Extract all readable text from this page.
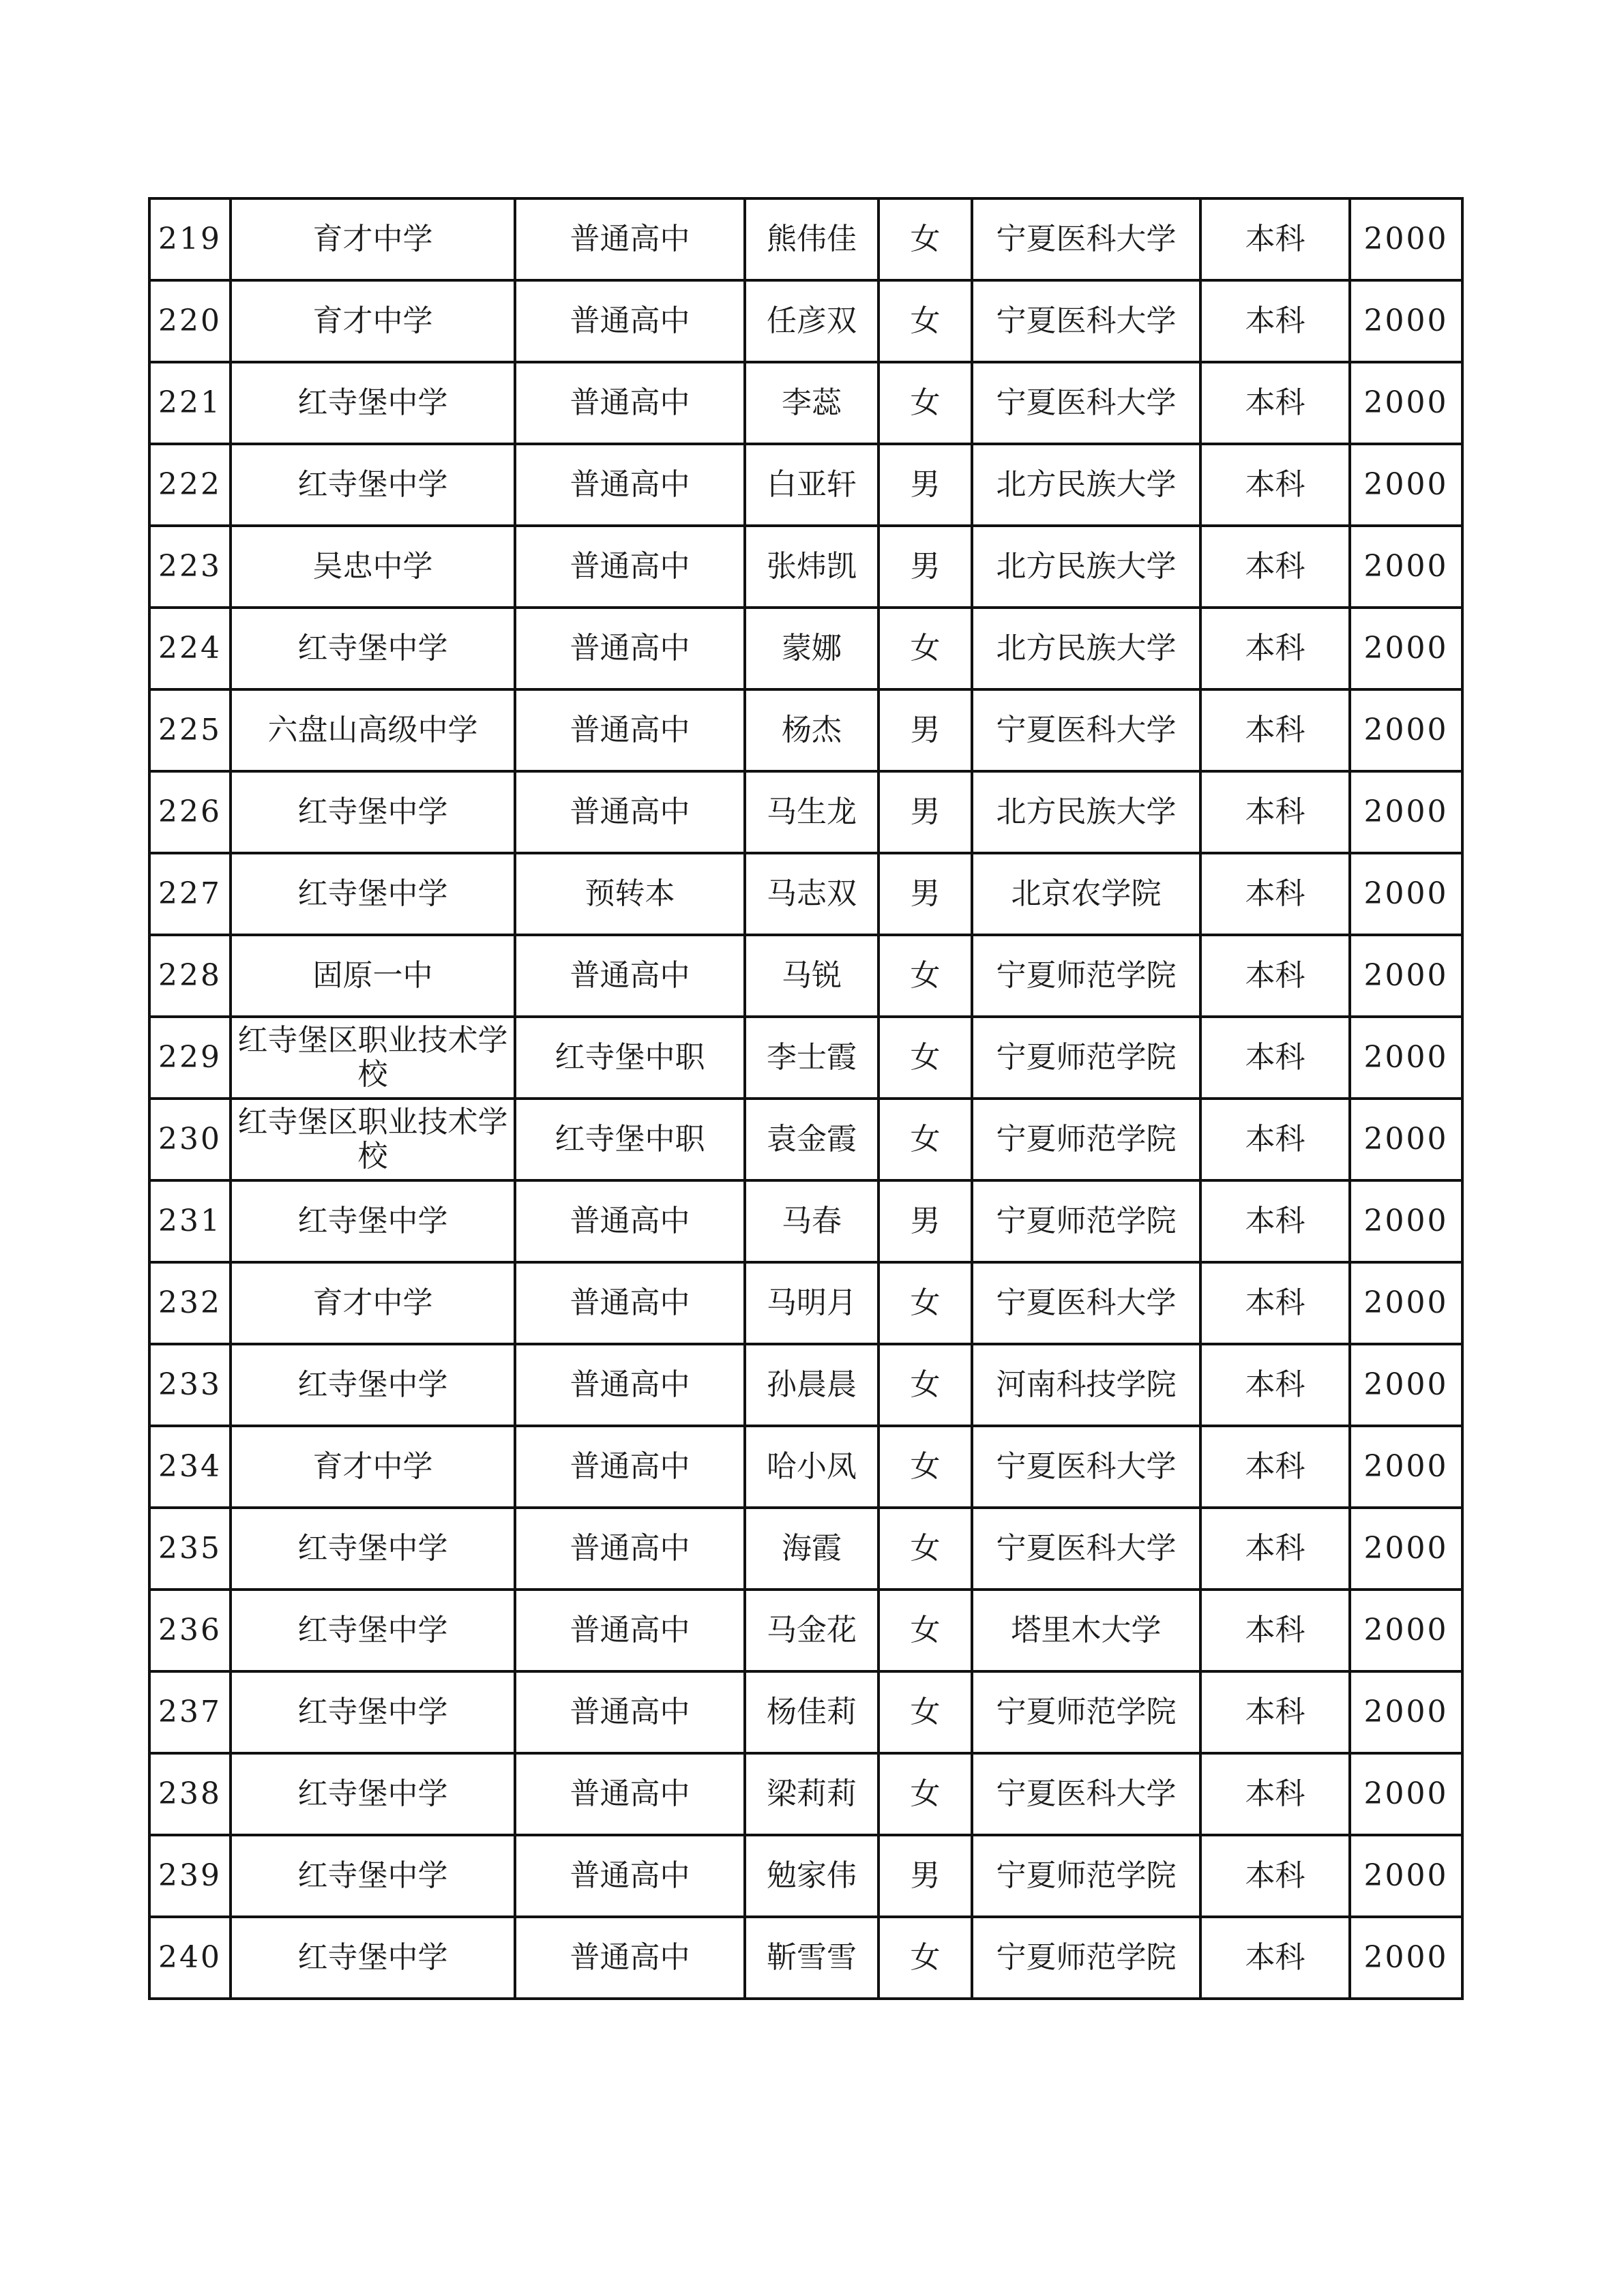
219	育才中学	普通高中	熊伟佳	女	宁夏医科大学	本科	2000
220	育才中学	普通高中	任彦双	女	宁夏医科大学	本科	2000
221	红寺堡中学	普通高中	李蕊	女	宁夏医科大学	本科	2000
222	红寺堡中学	普通高中	白亚轩	男	北方民族大学	本科	2000
223	吴忠中学	普通高中	张炜凯	男	北方民族大学	本科	2000
224	红寺堡中学	普通高中	蒙娜	女	北方民族大学	本科	2000
225	六盘山高级中学	普通高中	杨杰	男	宁夏医科大学	本科	2000
226	红寺堡中学	普通高中	马生龙	男	北方民族大学	本科	2000
227	红寺堡中学	预转本	马志双	男	北京农学院	本科	2000
228	固原一中	普通高中	马锐	女	宁夏师范学院	本科	2000
229	红寺堡区职业技术学校	红寺堡中职	李士霞	女	宁夏师范学院	本科	2000
230	红寺堡区职业技术学校	红寺堡中职	袁金霞	女	宁夏师范学院	本科	2000
231	红寺堡中学	普通高中	马春	男	宁夏师范学院	本科	2000
232	育才中学	普通高中	马明月	女	宁夏医科大学	本科	2000
233	红寺堡中学	普通高中	孙晨晨	女	河南科技学院	本科	2000
234	育才中学	普通高中	哈小凤	女	宁夏医科大学	本科	2000
235	红寺堡中学	普通高中	海霞	女	宁夏医科大学	本科	2000
236	红寺堡中学	普通高中	马金花	女	塔里木大学	本科	2000
237	红寺堡中学	普通高中	杨佳莉	女	宁夏师范学院	本科	2000
238	红寺堡中学	普通高中	梁莉莉	女	宁夏医科大学	本科	2000
239	红寺堡中学	普通高中	勉家伟	男	宁夏师范学院	本科	2000
240	红寺堡中学	普通高中	靳雪雪	女	宁夏师范学院	本科	2000
